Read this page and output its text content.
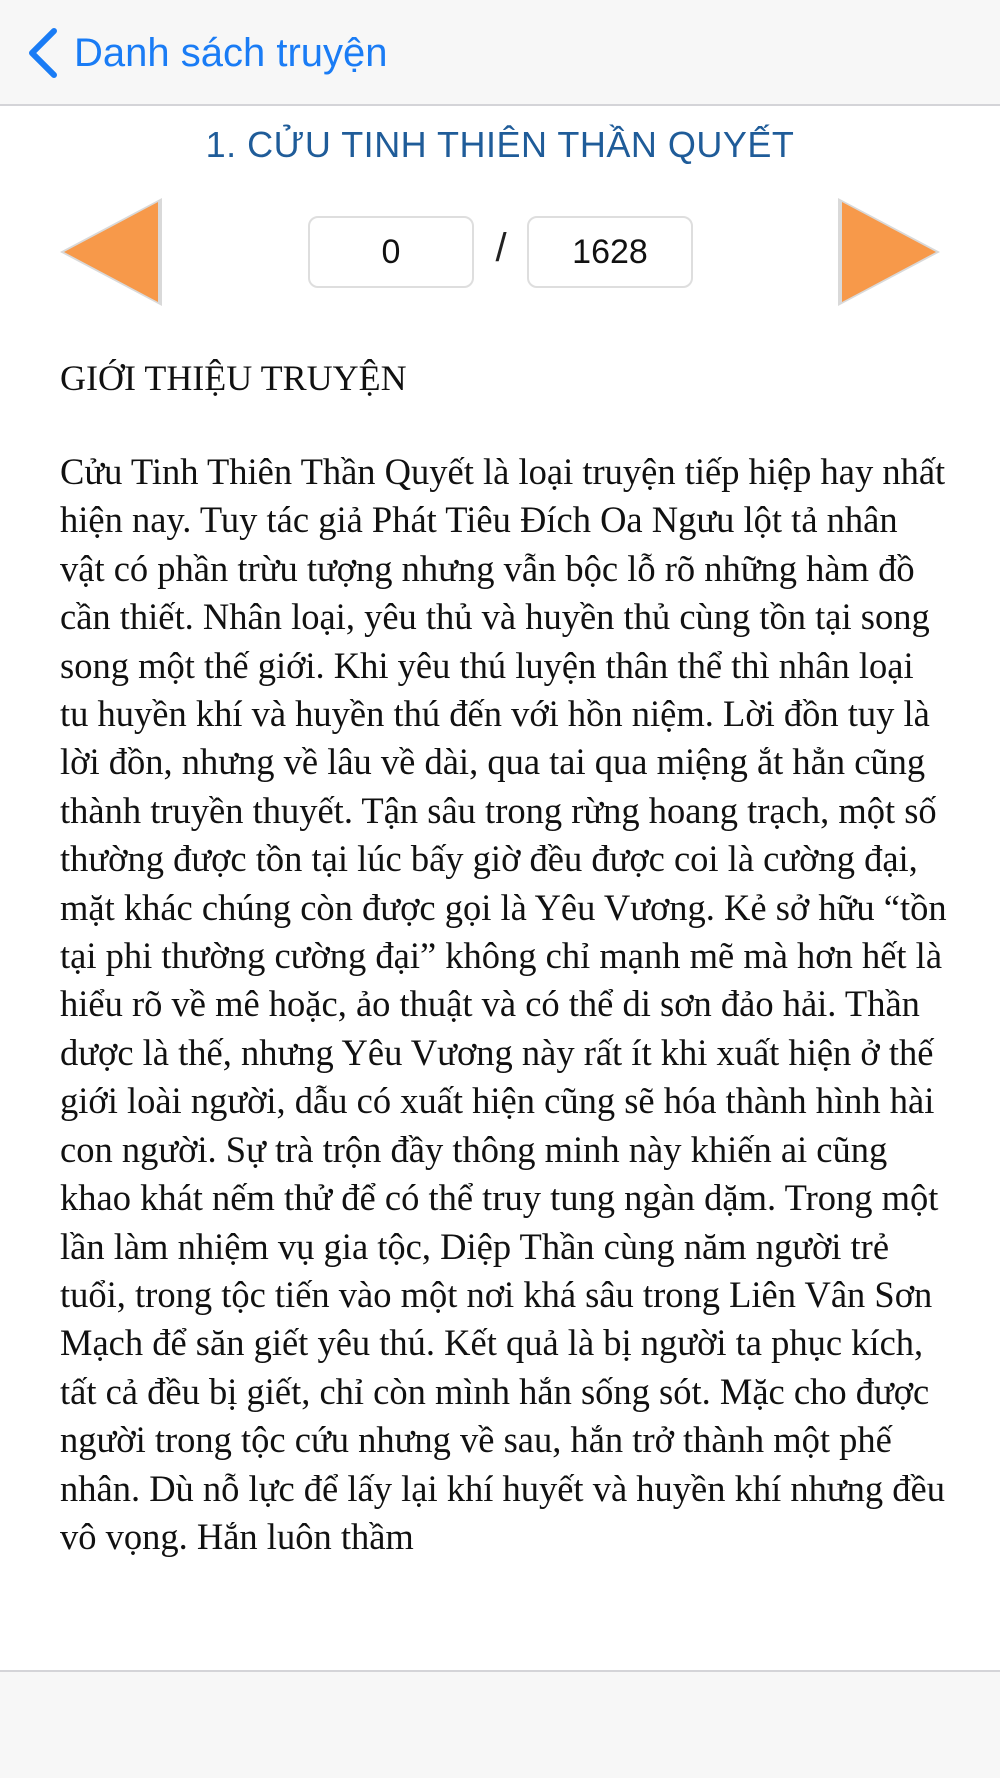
Danh sách truyện
1. CỬU TINH THIÊN THẦN QUYẾT
0	/	1628
GIỚI THIỆU TRUYỆN

Cửu Tinh Thiên Thần Quyết là loại truyện tiếp hiệp hay nhất hiện nay. Tuy tác giả Phát Tiêu Đích Oa Ngưu lột tả nhân vật có phần trừu tượng nhưng vẫn bộc lỗ rõ những hàm đồ cần thiết. Nhân loại, yêu thủ và huyền thủ cùng tồn tại song song một thế giới. Khi yêu thú luyện thân thể thì nhân loại tu huyền khí và huyền thú đến với hồn niệm. Lời đồn tuy là lời đồn, nhưng về lâu về dài, qua tai qua miệng ắt hẳn cũng thành truyền thuyết. Tận sâu trong rừng hoang trạch, một số thường được tồn tại lúc bấy giờ đều được coi là cường đại, mặt khác chúng còn được gọi là Yêu Vương. Kẻ sở hữu “tồn tại phi thường cường đại” không chỉ mạnh mẽ mà hơn hết là hiểu rõ về mê hoặc, ảo thuật và có thể di sơn đảo hải. Thần dược là thế, nhưng Yêu Vương này rất ít khi xuất hiện ở thế giới loài người, dẫu có xuất hiện cũng sẽ hóa thành hình hài con người. Sự trà trộn đầy thông minh này khiến ai cũng khao khát nếm thử để có thể truy tung ngàn dặm. Trong một lần làm nhiệm vụ gia tộc, Diệp Thần cùng năm người trẻ tuổi, trong tộc tiến vào một nơi khá sâu trong Liên Vân Sơn Mạch để săn giết yêu thú. Kết quả là bị người ta phục kích, tất cả đều bị giết, chỉ còn mình hắn sống sót. Mặc cho được người trong tộc cứu nhưng về sau, hắn trở thành một phế nhân. Dù nỗ lực để lấy lại khí huyết và huyền khí nhưng đều vô vọng. Hắn luôn thầm
